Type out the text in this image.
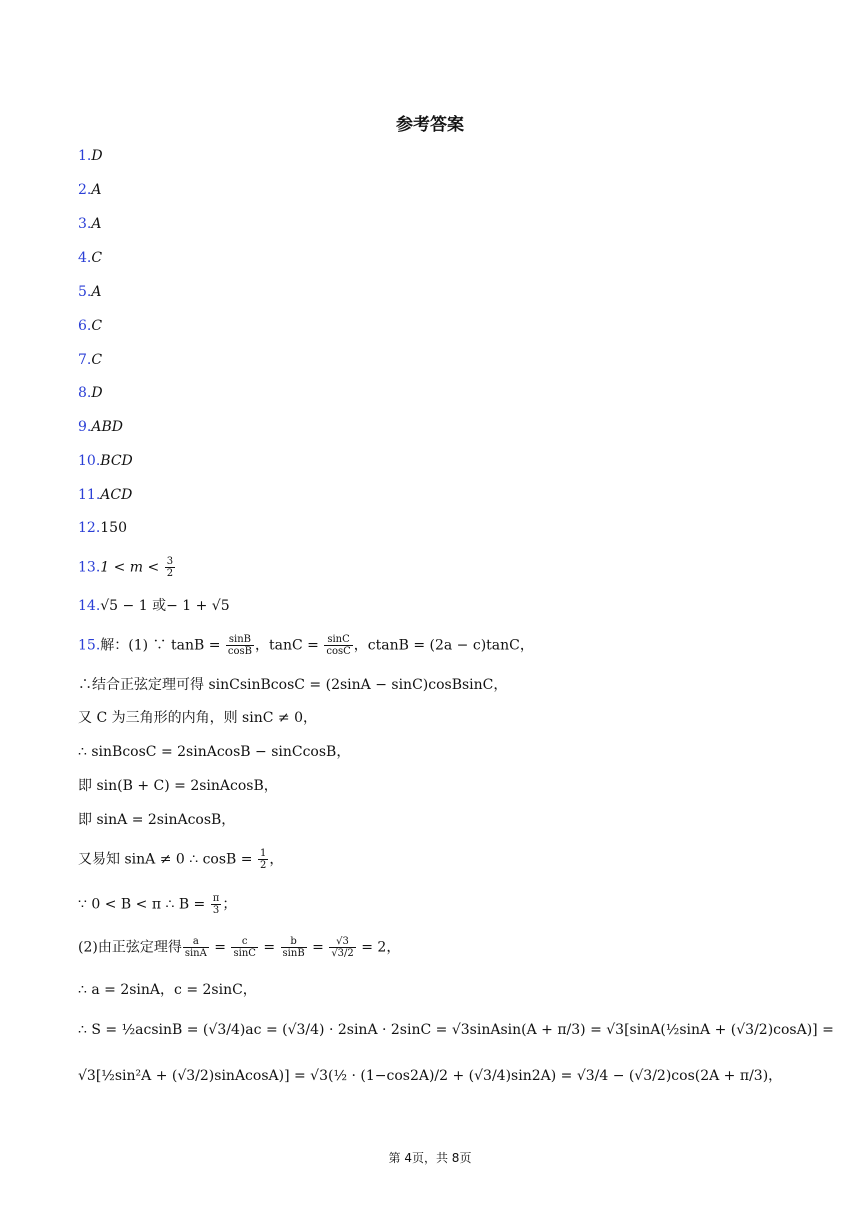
参考答案
1.D
2.A
3.A
4.C
5.A
6.C
7.C
8.D
9.ABD
10.BCD
11.ACD
12.150
$13.1 < m < \frac{3}{2}$
14.√5 − 1 或− 1 + √5
15.解：(1) ∵ $\tan B = \frac{\sin B}{\cos B}$ ，$\tan C = \frac{\sin C}{\cos C}$ ，ctanB = (2a − c)tanC，
∴结合正弦定理可得 sinCsinBcosC = (2sinA − sinC)cosBsinC，
又 C 为三角形的内角，则 sinC ≠ 0，
∴ sinBcosC = 2sinAcosB − sinCcosB，
即 sin(B + C) = 2sinAcosB，
即 sinA = 2sinAcosB，
又易知 sinA ≠ 0 ∴ $\cos B = \frac{1}{2}$ ，
∵ 0 < B < π ∴ $B = \frac{\pi}{3}$ ；
(2)由正弦定理得 $\frac{a}{\sin A} = \frac{c}{\sin C} = \frac{b}{\sin B} = \frac{√3}{√3/2} = 2$，
∴ a = 2sinA，c = 2sinC，
∴ S = ½acsinB = (√3/4)ac = (√3/4) · 2sinA · 2sinC = √3sinAsin(A + π/3) = √3[sinA(½sinA + (√3/2)cosA)] =
√3[½sin²A + (√3/2)sinAcosA)] = √3(½ · (1−cos2A)/2 + (√3/4)sin2A) = √3/4 − (√3/2)cos(2A + π/3)，
第 4页，共 8页
